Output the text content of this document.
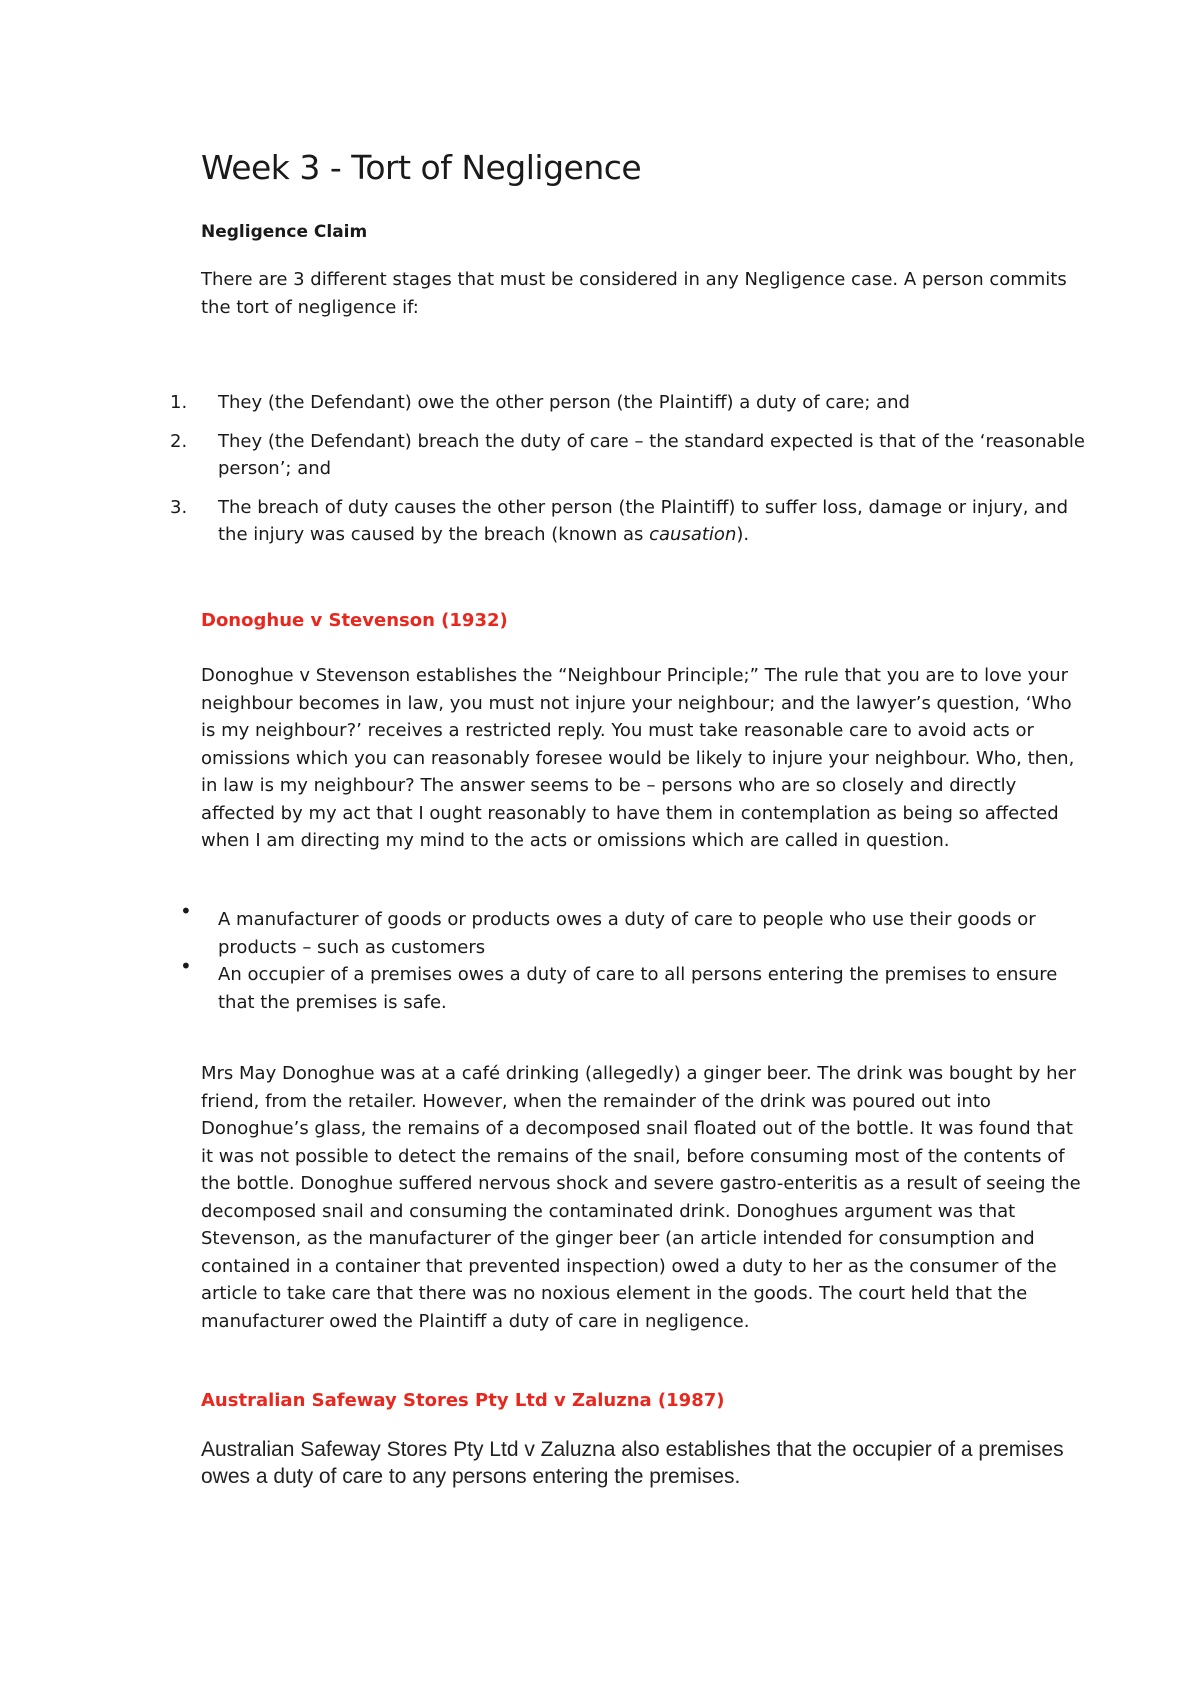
Week 3 - Tort of Negligence
Negligence Claim

There are 3 different stages that must be considered in any Negligence case. A person commits the tort of negligence if:

1. They (the Defendant) owe the other person (the Plaintiff) a duty of care; and
2. They (the Defendant) breach the duty of care – the standard expected is that of the ‘reasonable person’; and
3. The breach of duty causes the other person (the Plaintiff) to suffer loss, damage or injury, and the injury was caused by the breach (known as causation).
Donoghue v Stevenson (1932)

Donoghue v Stevenson establishes the “Neighbour Principle;” The rule that you are to love your neighbour becomes in law, you must not injure your neighbour; and the lawyer’s question, ‘Who is my neighbour?’ receives a restricted reply. You must take reasonable care to avoid acts or omissions which you can reasonably foresee would be likely to injure your neighbour. Who, then, in law is my neighbour? The answer seems to be – persons who are so closely and directly affected by my act that I ought reasonably to have them in contemplation as being so affected when I am directing my mind to the acts or omissions which are called in question.

• A manufacturer of goods or products owes a duty of care to people who use their goods or products – such as customers
• An occupier of a premises owes a duty of care to all persons entering the premises to ensure that the premises is safe.

Mrs May Donoghue was at a café drinking (allegedly) a ginger beer. The drink was bought by her friend, from the retailer. However, when the remainder of the drink was poured out into Donoghue’s glass, the remains of a decomposed snail floated out of the bottle. It was found that it was not possible to detect the remains of the snail, before consuming most of the contents of the bottle. Donoghue suffered nervous shock and severe gastro-enteritis as a result of seeing the decomposed snail and consuming the contaminated drink. Donoghues argument was that Stevenson, as the manufacturer of the ginger beer (an article intended for consumption and contained in a container that prevented inspection) owed a duty to her as the consumer of the article to take care that there was no noxious element in the goods. The court held that the manufacturer owed the Plaintiff a duty of care in negligence.

Australian Safeway Stores Pty Ltd v Zaluzna (1987)

Australian Safeway Stores Pty Ltd v Zaluzna also establishes that the occupier of a premises owes a duty of care to any persons entering the premises.
